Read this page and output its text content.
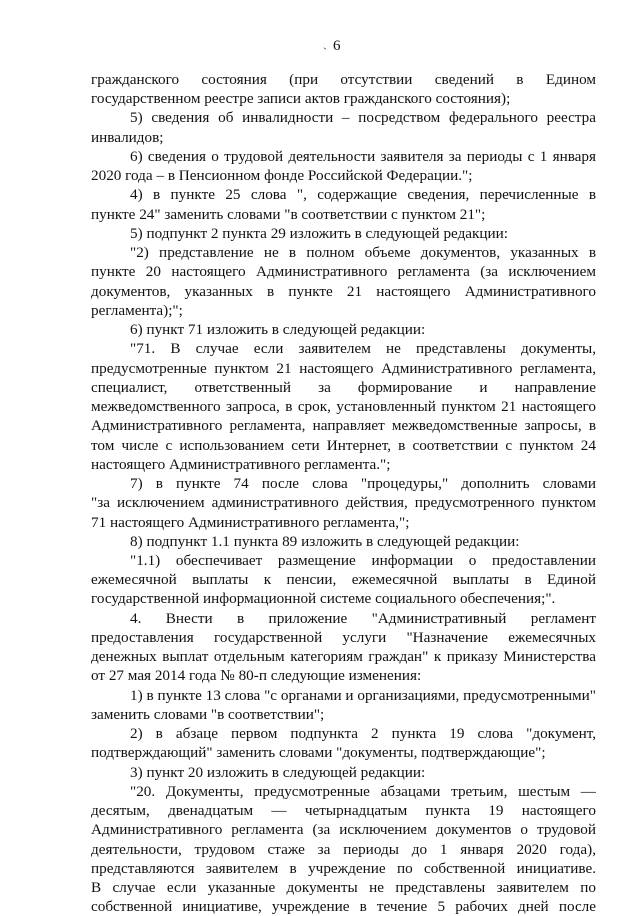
` 6
гражданского состояния (при отсутствии сведений в Едином
государственном реестре записи актов гражданского состояния);
5) сведения об инвалидности – посредством федерального реестра
инвалидов;
6) сведения о трудовой деятельности заявителя за периоды с 1 января
2020 года – в Пенсионном фонде Российской Федерации.";
4) в пункте 25 слова ", содержащие сведения, перечисленные в
пункте 24" заменить словами "в соответствии с пунктом 21";
5) подпункт 2 пункта 29 изложить в следующей редакции:
"2) представление не в полном объеме документов, указанных в
пункте 20 настоящего Административного регламента (за исключением
документов, указанных в пункте 21 настоящего Административного
регламента);";
6) пункт 71 изложить в следующей редакции:
"71. В случае если заявителем не представлены документы,
предусмотренные пунктом 21 настоящего Административного регламента,
специалист, ответственный за формирование и направление
межведомственного запроса, в срок, установленный пунктом 21 настоящего
Административного регламента, направляет межведомственные запросы, в
том числе с использованием сети Интернет, в соответствии с пунктом 24
настоящего Административного регламента.";
7) в пункте 74 после слова "процедуры," дополнить словами
"за исключением административного действия, предусмотренного пунктом
71 настоящего Административного регламента,";
8) подпункт 1.1 пункта 89 изложить в следующей редакции:
"1.1) обеспечивает размещение информации о предоставлении
ежемесячной выплаты к пенсии, ежемесячной выплаты в Единой
государственной информационной системе социального обеспечения;".
4. Внести в приложение "Административный регламент
предоставления государственной услуги "Назначение ежемесячных
денежных выплат отдельным категориям граждан" к приказу Министерства
от 27 мая 2014 года № 80-п следующие изменения:
1) в пункте 13 слова "с органами и организациями, предусмотренными"
заменить словами "в соответствии";
2) в абзаце первом подпункта 2 пункта 19 слова "документ,
подтверждающий" заменить словами "документы, подтверждающие";
3) пункт 20 изложить в следующей редакции:
"20. Документы, предусмотренные абзацами третьим, шестым —
десятым, двенадцатым — четырнадцатым пункта 19 настоящего
Административного регламента (за исключением документов о трудовой
деятельности, трудовом стаже за периоды до 1 января 2020 года),
представляются заявителем в учреждение по собственной инициативе.
В случае если указанные документы не представлены заявителем по
собственной инициативе, учреждение в течение 5 рабочих дней после
